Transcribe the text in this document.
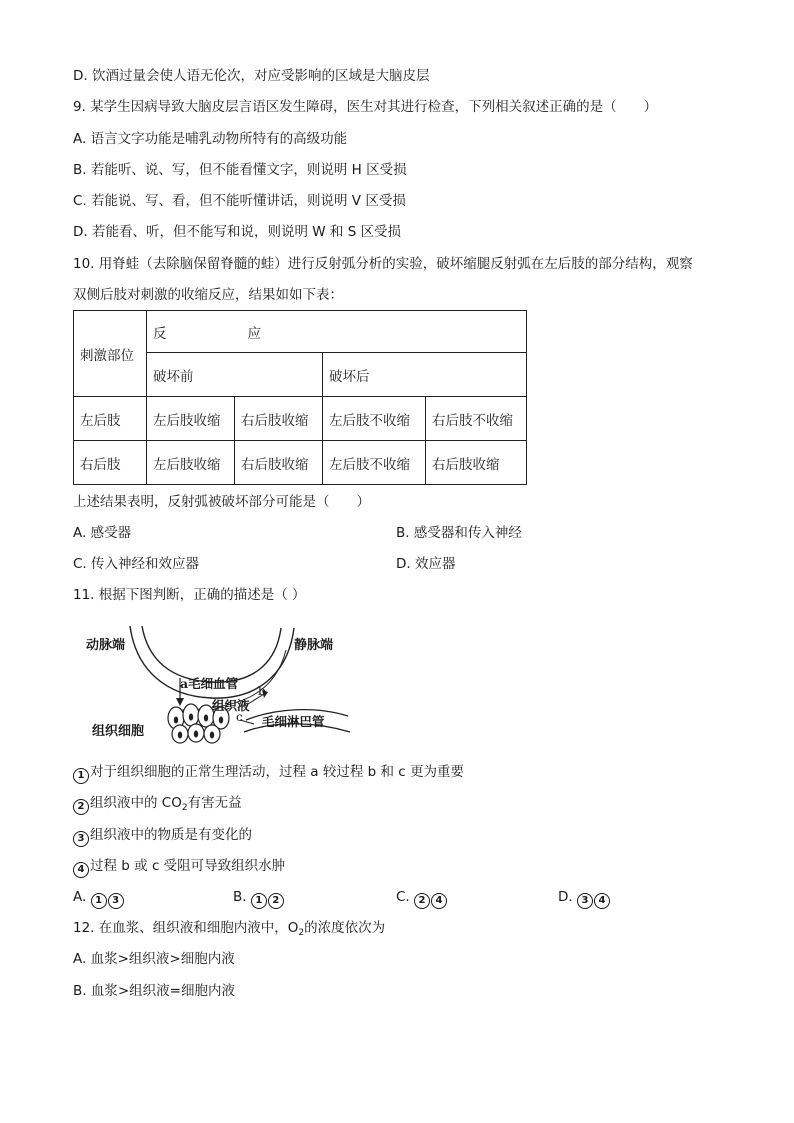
D. 饮酒过量会使人语无伦次，对应受影响的区域是大脑皮层
9. 某学生因病导致大脑皮层言语区发生障碍，医生对其进行检查，下列相关叙述正确的是（　　）
A. 语言文字功能是哺乳动物所特有的高级功能
B. 若能听、说、写，但不能看懂文字，则说明 H 区受损
C. 若能说、写、看，但不能听懂讲话，则说明 V 区受损
D. 若能看、听，但不能写和说，则说明 W 和 S 区受损
10. 用脊蛙（去除脑保留脊髓的蛙）进行反射弧分析的实验，破坏缩腿反射弧在左后肢的部分结构，观察
双侧后肢对刺激的收缩反应，结果如如下表：
刺激部位	反　　　　　　应			
	破坏前		破坏后	
左后肢	左后肢收缩	右后肢收缩	左后肢不收缩	右后肢不收缩
右后肢	左后肢收缩	右后肢收缩	左后肢不收缩	右后肢收缩
上述结果表明，反射弧被破坏部分可能是（　　）
A. 感受器	B. 感受器和传入神经
C. 传入神经和效应器	D. 效应器
11. 根据下图判断，正确的描述是（ ）
动脉端	静脉端
a毛细血管 b
组织液
c 毛细淋巴管
组织细胞
1 对于组织细胞的正常生理活动，过程 a 较过程 b 和 c 更为重要
2 组织液中的 $CO_2$有害无益
3 组织液中的物质是有变化的
4 过程 b 或 c 受阻可导致组织水肿
A. 1 3	B. 1 2	C. 2 4	D. 3 4
12. 在血浆、组织液和细胞内液中，$O_2$的浓度依次为
A. 血浆>组织液>细胞内液
B. 血浆>组织液=细胞内液
